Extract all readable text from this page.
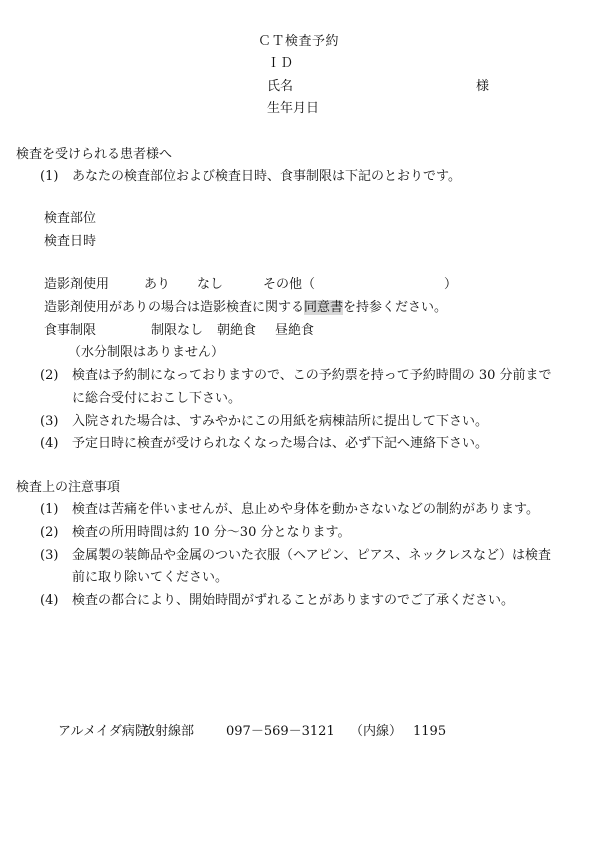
ＣＴ検査予約
ＩＤ
氏名	様
生年月日
検査を受けられる患者様へ
(1) あなたの検査部位および検査日時、食事制限は下記のとおりです。
検査部位
検査日時
造影剤使用	あり なし	その他（	）
造影剤使用がありの場合は造影検査に関する同意書を持参ください。
食事制限	制限なし 朝絶食 昼絶食
（水分制限はありません）
(2) 検査は予約制になっておりますので、この予約票を持って予約時間の 30 分前まで
に総合受付におこし下さい。
(3) 入院された場合は、すみやかにこの用紙を病棟詰所に提出して下さい。
(4) 予定日時に検査が受けられなくなった場合は、必ず下記へ連絡下さい。
検査上の注意事項
(1) 検査は苦痛を伴いませんが、息止めや身体を動かさないなどの制約があります。
(2) 検査の所用時間は約 10 分～30 分となります。
(3) 金属製の装飾品や金属のついた衣服（ヘアピン、ピアス、ネックレスなど）は検査
前に取り除いてください。
(4) 検査の都合により、開始時間がずれることがありますのでご了承ください。
アルメイダ病院
放射線部 097－569－3121 （内線） 1195
